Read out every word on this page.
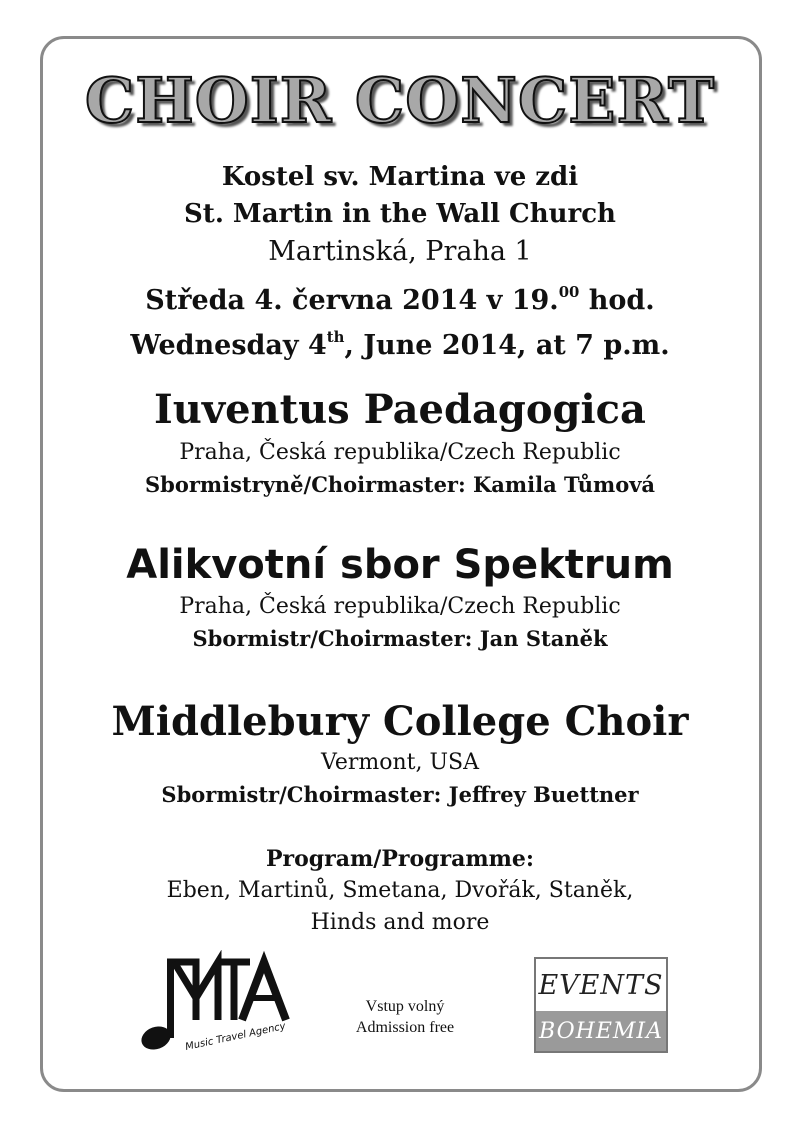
CHOIR CONCERT
Kostel sv. Martina ve zdi
St. Martin in the Wall Church
Martinská, Praha 1
Středa 4. června 2014 v 19.00 hod.
Wednesday 4th, June 2014, at 7 p.m.
Iuventus Paedagogica
Praha, Česká republika/Czech Republic
Sbormistryně/Choirmaster: Kamila Tůmová
Alikvotní sbor Spektrum
Praha, Česká republika/Czech Republic
Sbormistr/Choirmaster: Jan Staněk
Middlebury College Choir
Vermont, USA
Sbormistr/Choirmaster: Jeffrey Buettner
Program/Programme:
Eben, Martinů, Smetana, Dvořák, Staněk,
Hinds and more
Music Travel Agency
Vstup volný
Admission free
EVENTS
BOHEMIA
